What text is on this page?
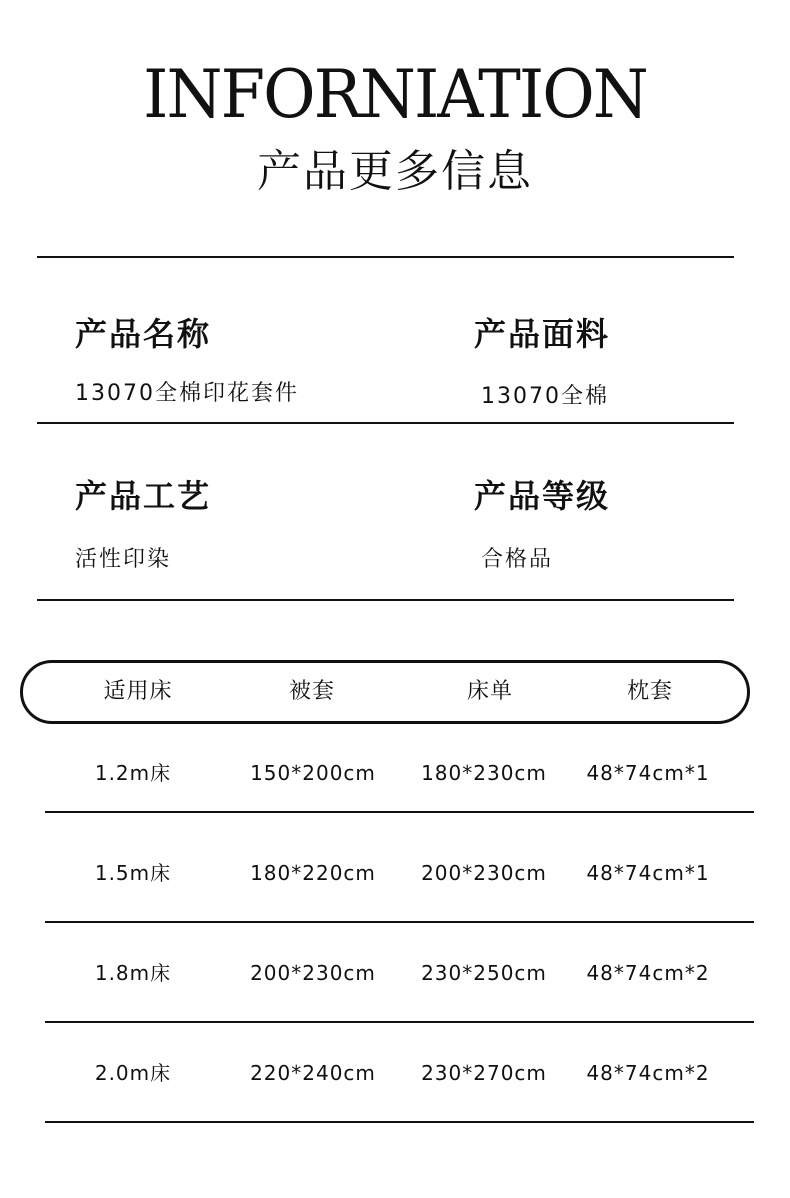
INFORNIATION
产品更多信息
产品名称
13070全棉印花套件
产品面料
13070全棉
产品工艺
活性印染
产品等级
合格品
适用床	被套	床单	枕套
1.2m床	150*200cm	180*230cm	48*74cm*1
1.5m床	180*220cm	200*230cm	48*74cm*1
1.8m床	200*230cm	230*250cm	48*74cm*2
2.0m床	220*240cm	230*270cm	48*74cm*2
